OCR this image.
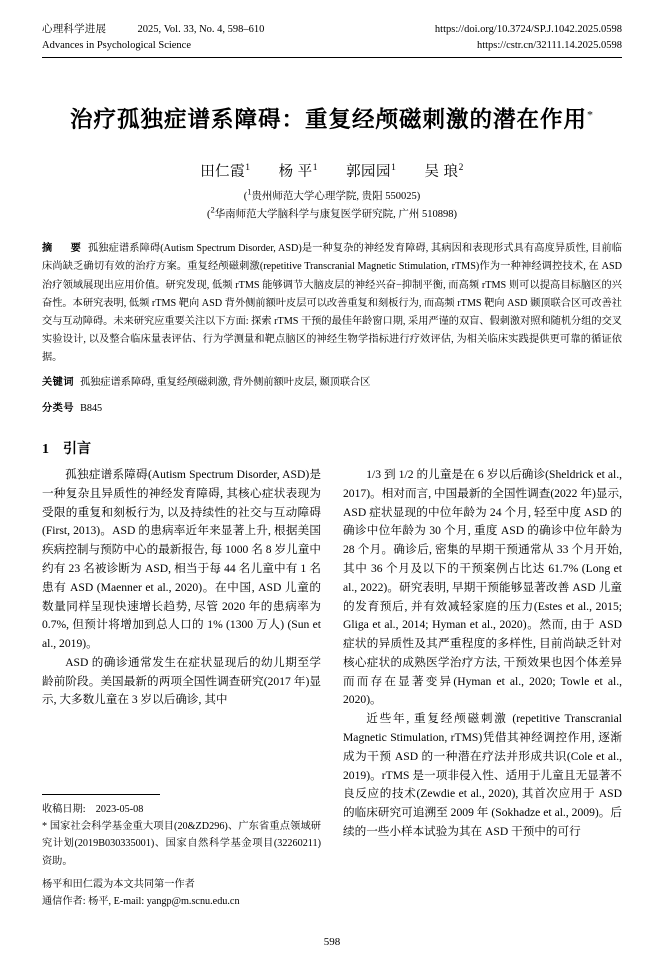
心理科学进展	2025, Vol. 33, No. 4, 598–610
Advances in Psychological Science
https://doi.org/10.3724/SP.J.1042.2025.0598
https://cstr.cn/32111.14.2025.0598
治疗孤独症谱系障碍：重复经颅磁刺激的潜在作用*
田仁霞$^1$ 杨 平$^1$ 郭园园$^1$ 吴 琅$^2$
($^1$贵州师范大学心理学院, 贵阳 550025)
($^2$华南师范大学脑科学与康复医学研究院, 广州 510898)
摘　要 孤独症谱系障碍(Autism Spectrum Disorder, ASD)是一种复杂的神经发育障碍, 其病因和表现形式具有高度异质性, 目前临床尚缺乏确切有效的治疗方案。重复经颅磁刺激(repetitive Transcranial Magnetic Stimulation, rTMS)作为一种神经调控技术, 在 ASD 治疗领域展现出应用价值。研究发现, 低频 rTMS 能够调节大脑皮层的神经兴奋−抑制平衡, 而高频 rTMS 则可以提高目标脑区的兴奋性。本研究表明, 低频 rTMS 靶向 ASD 背外侧前额叶皮层可以改善重复和刻板行为, 而高频 rTMS 靶向 ASD 颞顶联合区可改善社交与互动障碍。未来研究应重要关注以下方面: 探索 rTMS 干预的最佳年龄窗口期, 采用严谨的双盲、假刺激对照和随机分组的交叉实验设计, 以及整合临床量表评估、行为学测量和靶点脑区的神经生物学指标进行疗效评估, 为相关临床实践提供更可靠的循证依据。
关键词 孤独症谱系障碍, 重复经颅磁刺激, 背外侧前额叶皮层, 颞顶联合区
分类号 B845
1 引言

孤独症谱系障碍(Autism Spectrum Disorder, ASD)是一种复杂且异质性的神经发育障碍, 其核心症状表现为受限的重复和刻板行为, 以及持续性的社交与互动障碍(First, 2013)。ASD 的患病率近年来显著上升, 根据美国疾病控制与预防中心的最新报告, 每 1000 名 8 岁儿童中约有 23 名被诊断为 ASD, 相当于每 44 名儿童中有 1 名患有 ASD (Maenner et al., 2020)。在中国, ASD 儿童的数量同样呈现快速增长趋势, 尽管 2020 年的患病率为 0.7%, 但预计将增加到总人口的 1% (1300 万人) (Sun et al., 2019)。

ASD 的确诊通常发生在症状显现后的幼儿期至学龄前阶段。美国最新的两项全国性调查研究(2017 年)显示, 大多数儿童在 3 岁以后确诊, 其中

1/3 到 1/2 的儿童是在 6 岁以后确诊(Sheldrick et al., 2017)。相对而言, 中国最新的全国性调查(2022 年)显示, ASD 症状显现的中位年龄为 24 个月, 轻至中度 ASD 的确诊中位年龄为 30 个月, 重度 ASD 的确诊中位年龄为 28 个月。确诊后, 密集的早期干预通常从 33 个月开始, 其中 36 个月及以下的干预案例占比达 61.7% (Long et al., 2022)。研究表明, 早期干预能够显著改善 ASD 儿童的发育预后, 并有效减轻家庭的压力(Estes et al., 2015; Gliga et al., 2014; Hyman et al., 2020)。然而, 由于 ASD 症状的异质性及其严重程度的多样性, 目前尚缺乏针对核心症状的成熟医学治疗方法, 干预效果也因个体差异而而存在显著变异(Hyman et al., 2020; Towle et al., 2020)。

近些年, 重复经颅磁刺激 (repetitive Transcranial Magnetic Stimulation, rTMS)凭借其神经调控作用, 逐渐成为干预 ASD 的一种潜在疗法并形成共识(Cole et al., 2019)。rTMS 是一项非侵入性、适用于儿童且无显著不良反应的技术(Zewdie et al., 2020), 其首次应用于 ASD 的临床研究可追溯至 2009 年 (Sokhadze et al., 2009)。后续的一些小样本试验为其在 ASD 干预中的可行

收稿日期:　 2023-05-08
* 国家社会科学基金重大项目(20&ZD296)、广东省重点领域研究计划(2019B030335001)、国家自然科学基金项目(32260211)资助。
杨平和田仁霞为本文共同第一作者
通信作者: 杨平, E-mail: yangp@m.scnu.edu.cn
598
